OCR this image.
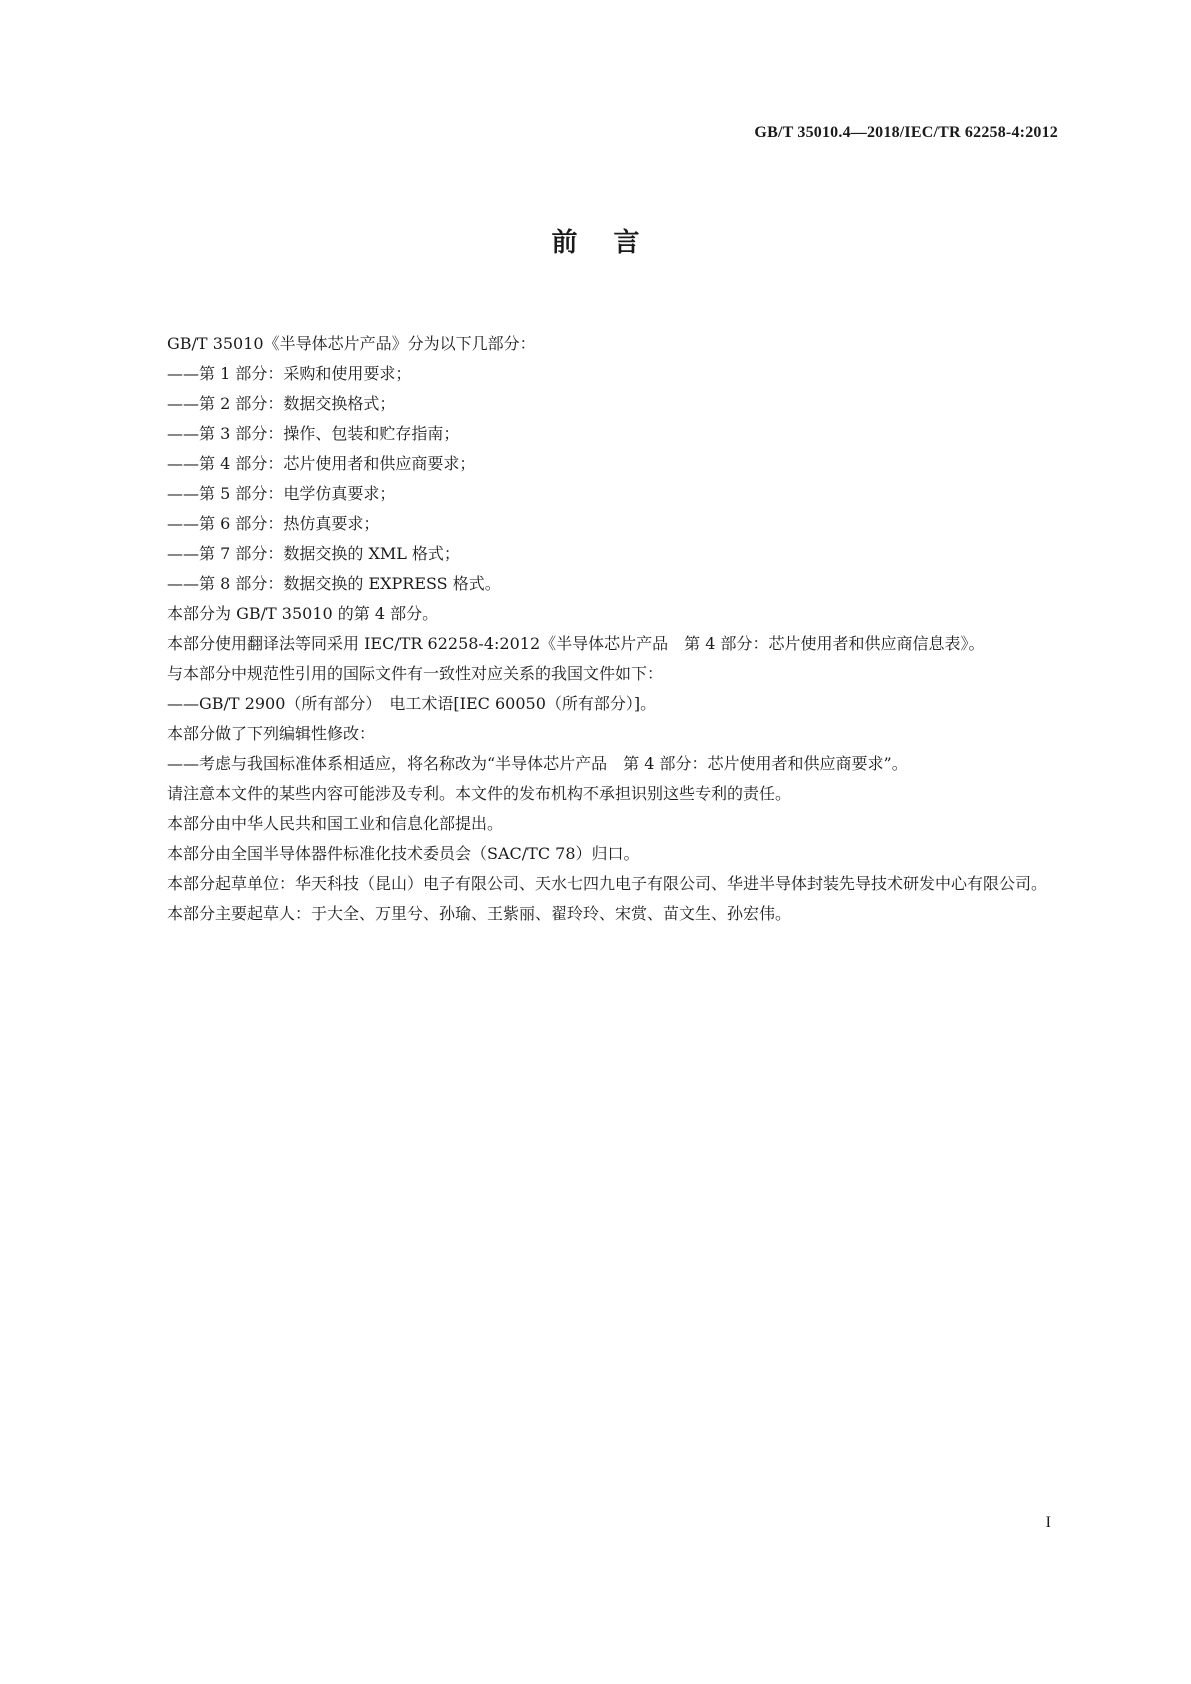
GB/T 35010.4—2018/IEC/TR 62258-4:2012
前言

GB/T 35010《半导体芯片产品》分为以下几部分：

——第 1 部分：采购和使用要求；

——第 2 部分：数据交换格式；

——第 3 部分：操作、包装和贮存指南；

——第 4 部分：芯片使用者和供应商要求；

——第 5 部分：电学仿真要求；

——第 6 部分：热仿真要求；

——第 7 部分：数据交换的 XML 格式；

——第 8 部分：数据交换的 EXPRESS 格式。

本部分为 GB/T 35010 的第 4 部分。

本部分使用翻译法等同采用 IEC/TR 62258-4:2012《半导体芯片产品　第 4 部分：芯片使用者和供应商信息表》。

与本部分中规范性引用的国际文件有一致性对应关系的我国文件如下：

——GB/T 2900（所有部分）　电工术语[IEC 60050（所有部分）]。

本部分做了下列编辑性修改：

——考虑与我国标准体系相适应，将名称改为“半导体芯片产品　第 4 部分：芯片使用者和供应商要求”。

请注意本文件的某些内容可能涉及专利。本文件的发布机构不承担识别这些专利的责任。

本部分由中华人民共和国工业和信息化部提出。

本部分由全国半导体器件标准化技术委员会（SAC/TC 78）归口。

本部分起草单位：华天科技（昆山）电子有限公司、天水七四九电子有限公司、华进半导体封装先导技术研发中心有限公司。

本部分主要起草人：于大全、万里兮、孙瑜、王紫丽、翟玲玲、宋赏、苗文生、孙宏伟。

I
